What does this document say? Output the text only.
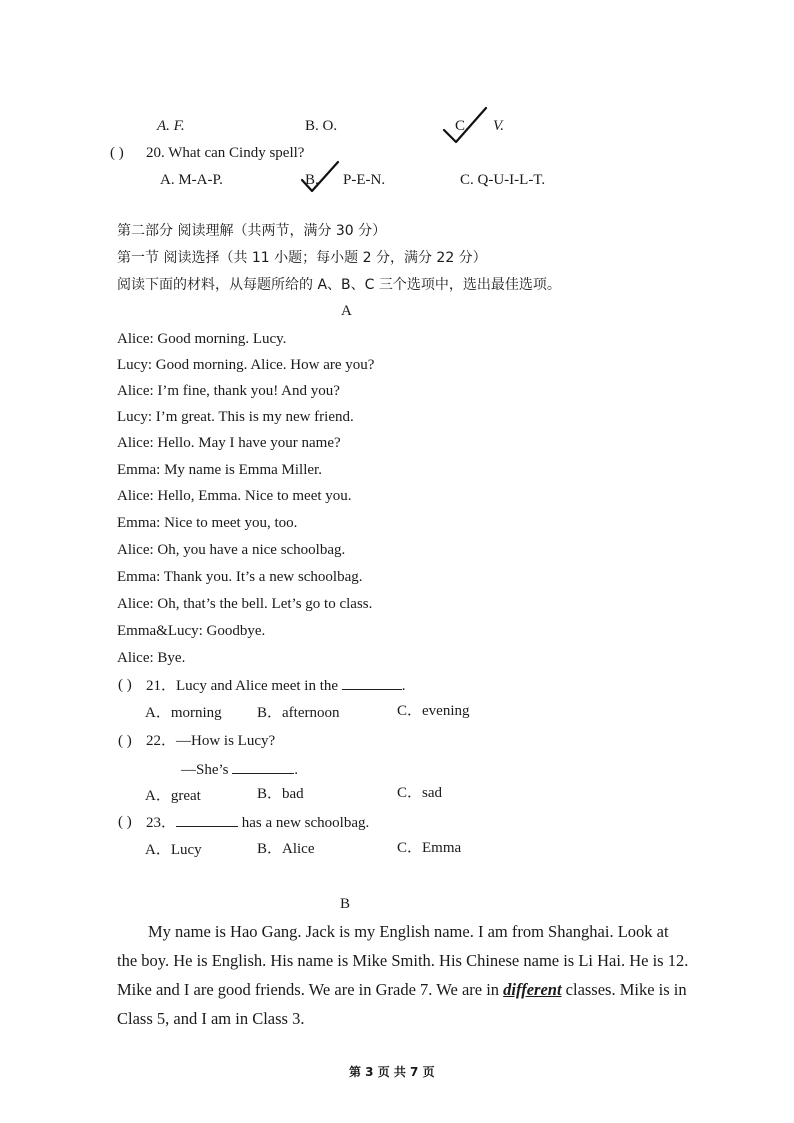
A. F.	B. O.	C. V.
( ) 20. What can Cindy spell?
A. M-A-P.	B. P-E-N.	C. Q-U-I-L-T.
第二部分 阅读理解（共两节，满分 30 分）
第一节 阅读选择（共 11 小题；每小题 2 分，满分 22 分）
阅读下面的材料，从每题所给的 A、B、C 三个选项中，选出最佳选项。
A
Alice: Good morning. Lucy.
Lucy: Good morning. Alice. How are you?
Alice: I’m fine, thank you! And you?
Lucy: I’m great. This is my new friend.
Alice: Hello. May I have your name?
Emma: My name is Emma Miller.
Alice: Hello, Emma. Nice to meet you.
Emma: Nice to meet you, too.
Alice: Oh, you have a nice schoolbag.
Emma: Thank you. It’s a new schoolbag.
Alice: Oh, that’s the bell. Let’s go to class.
Emma&Lucy: Goodbye.
Alice: Bye.
( ) 21．Lucy and Alice meet in the	.
A．morning B．afternoon	C．evening
( ) 22．—How is Lucy?
—She’s	.
A．great	B．bad	C．sad
( ) 23．	has a new schoolbag.
A．Lucy	B．Alice	C．Emma
B
My name is Hao Gang. Jack is my English name. I am from Shanghai. Look at
the boy. He is English. His name is Mike Smith. His Chinese name is Li Hai. He is 12.
Mike and I are good friends. We are in Grade 7. We are in different classes. Mike is in
Class 5, and I am in Class 3.
第 3 页 共 7 页
